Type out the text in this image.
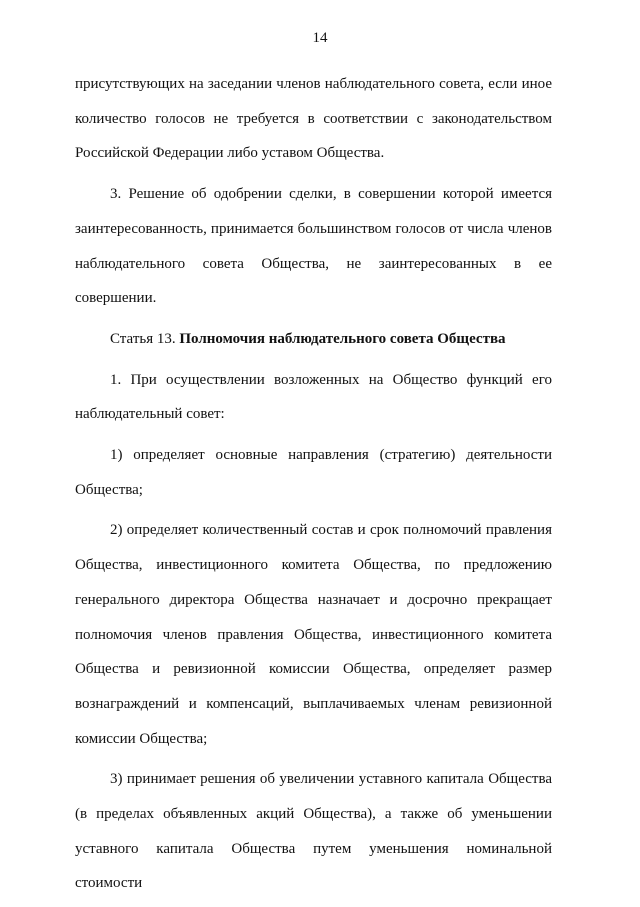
14

присутствующих на заседании членов наблюдательного совета, если иное количество голосов не требуется в соответствии с законодательством Российской Федерации либо уставом Общества.

3. Решение об одобрении сделки, в совершении которой имеется заинтересованность, принимается большинством голосов от числа членов наблюдательного совета Общества, не заинтересованных в ее совершении.

Статья 13. Полномочия наблюдательного совета Общества

1. При осуществлении возложенных на Общество функций его наблюдательный совет:

1) определяет основные направления (стратегию) деятельности Общества;

2) определяет количественный состав и срок полномочий правления Общества, инвестиционного комитета Общества, по предложению генерального директора Общества назначает и досрочно прекращает полномочия членов правления Общества, инвестиционного комитета Общества и ревизионной комиссии Общества, определяет размер вознаграждений и компенсаций, выплачиваемых членам ревизионной комиссии Общества;

3) принимает решения об увеличении уставного капитала Общества (в пределах объявленных акций Общества), а также об уменьшении уставного капитала Общества путем уменьшения номинальной стоимости
